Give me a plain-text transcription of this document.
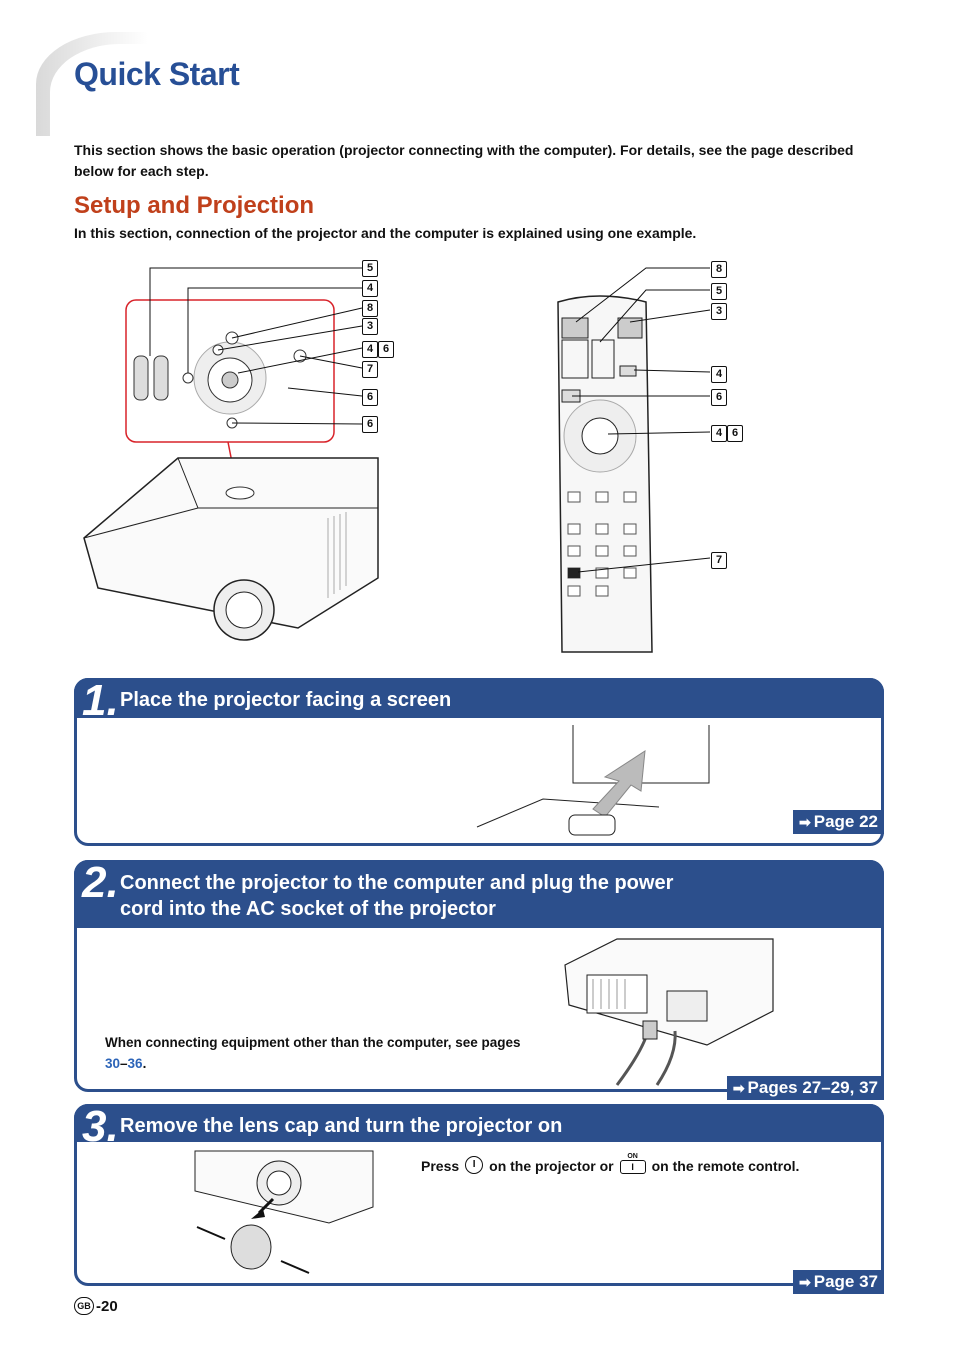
Quick Start
This section shows the basic operation (projector connecting with the computer). For details, see the page described below for each step.
Setup and Projection
In this section, connection of the projector and the computer is explained using one example.
5
4
8
3
4 6
7
6
6
8
5
3
4
6
4 6
7
1. Place the projector facing a screen
➡ Page 22
2. Connect the projector to the computer and plug the power
cord into the AC socket of the projector
When connecting equipment other than the computer, see pages 30–36.
➡ Pages 27–29, 37
3. Remove the lens cap and turn the projector on
Press	I on the projector or
ON
I	on the remote control.
➡ Page 37
GB -20
